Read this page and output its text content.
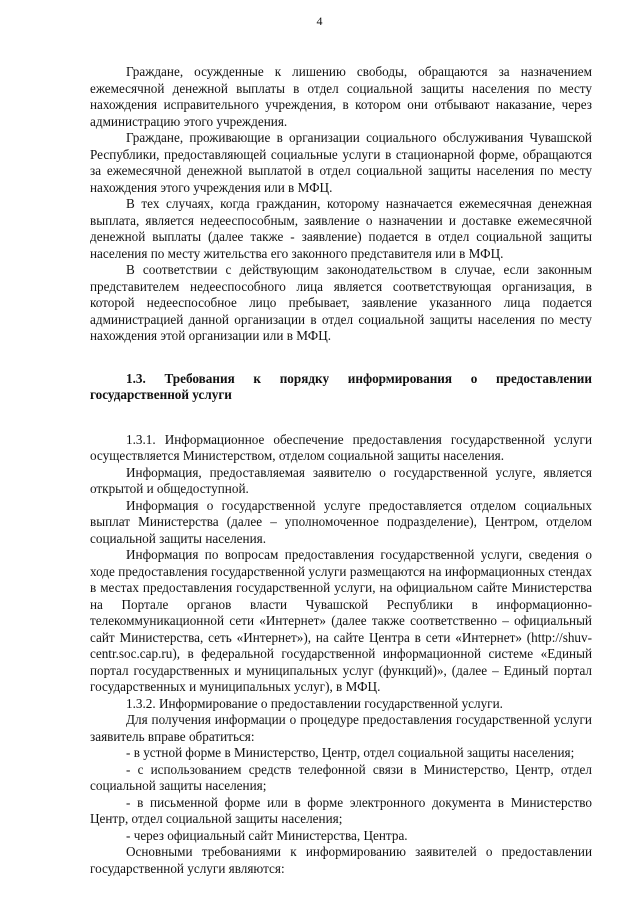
4

Граждане, осужденные к лишению свободы, обращаются за назначением ежемесячной денежной выплаты в отдел социальной защиты населения по месту нахождения исправительного учреждения, в котором они отбывают наказание, через администрацию этого учреждения.

Граждане, проживающие в организации социального обслуживания Чувашской Республики, предоставляющей социальные услуги в стационарной форме, обращаются за ежемесячной денежной выплатой в отдел социальной защиты населения по месту нахождения этого учреждения или в МФЦ.

В тех случаях, когда гражданин, которому назначается ежемесячная денежная выплата, является недееспособным, заявление о назначении и доставке ежемесячной денежной выплаты (далее также - заявление) подается в отдел социальной защиты населения по месту жительства его законного представителя или в МФЦ.

В соответствии с действующим законодательством в случае, если законным представителем недееспособного лица является соответствующая организация, в которой недееспособное лицо пребывает, заявление указанного лица подается администрацией данной организации в отдел социальной защиты населения по месту нахождения этой организации или в МФЦ.

1.3. Требования к порядку информирования о предоставлении государственной услуги

1.3.1. Информационное обеспечение предоставления государственной услуги осуществляется Министерством, отделом социальной защиты населения.

Информация, предоставляемая заявителю о государственной услуге, является открытой и общедоступной.

Информация о государственной услуге предоставляется отделом социальных выплат Министерства (далее – уполномоченное подразделение), Центром, отделом социальной защиты населения.

Информация по вопросам предоставления государственной услуги, сведения о ходе предоставления государственной услуги размещаются на информационных стендах в местах предоставления государственной услуги, на официальном сайте Министерства на Портале органов власти Чувашской Республики в информационно-телекоммуникационной сети «Интернет» (далее также соответственно – официальный сайт Министерства, сеть «Интернет»), на сайте Центра в сети «Интернет» (http://shuv-centr.soc.cap.ru), в федеральной государственной информационной системе «Единый портал государственных и муниципальных услуг (функций)», (далее – Единый портал государственных и муниципальных услуг), в МФЦ.

1.3.2. Информирование о предоставлении государственной услуги.

Для получения информации о процедуре предоставления государственной услуги заявитель вправе обратиться:

- в устной форме в Министерство, Центр, отдел социальной защиты населения;

- с использованием средств телефонной связи в Министерство, Центр, отдел социальной защиты населения;

- в письменной форме или в форме электронного документа в Министерство Центр, отдел социальной защиты населения;

- через официальный сайт Министерства, Центра.

Основными требованиями к информированию заявителей о предоставлении государственной услуги являются:
